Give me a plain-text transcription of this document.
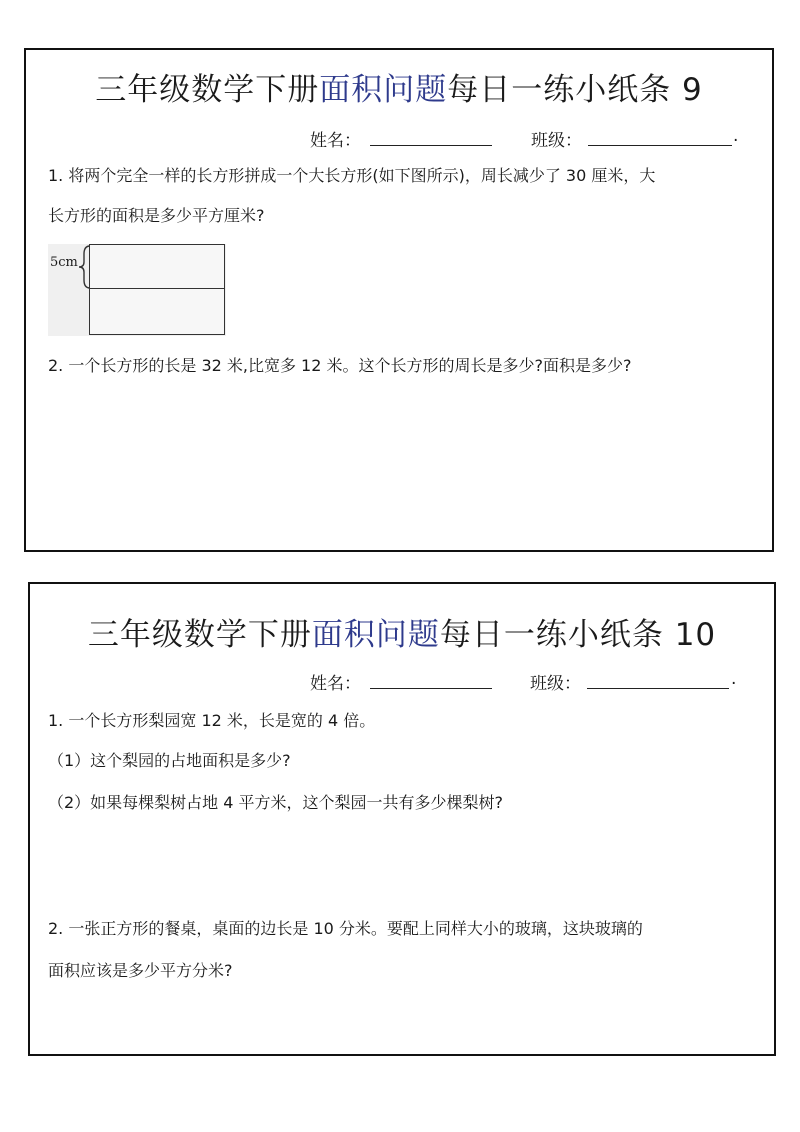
三年级数学下册面积问题每日一练小纸条 9
姓名：	班级：	.
1. 将两个完全一样的长方形拼成一个大长方形(如下图所示)，周长减少了 30 厘米，大
长方形的面积是多少平方厘米?
5cm
2. 一个长方形的长是 32 米,比宽多 12 米。这个长方形的周长是多少?面积是多少?
三年级数学下册面积问题每日一练小纸条 10
姓名：	班级：	.
1. 一个长方形梨园宽 12 米，长是宽的 4 倍。
（1）这个梨园的占地面积是多少?
（2）如果每棵梨树占地 4 平方米，这个梨园一共有多少棵梨树?
2. 一张正方形的餐桌，桌面的边长是 10 分米。要配上同样大小的玻璃，这块玻璃的
面积应该是多少平方分米?
